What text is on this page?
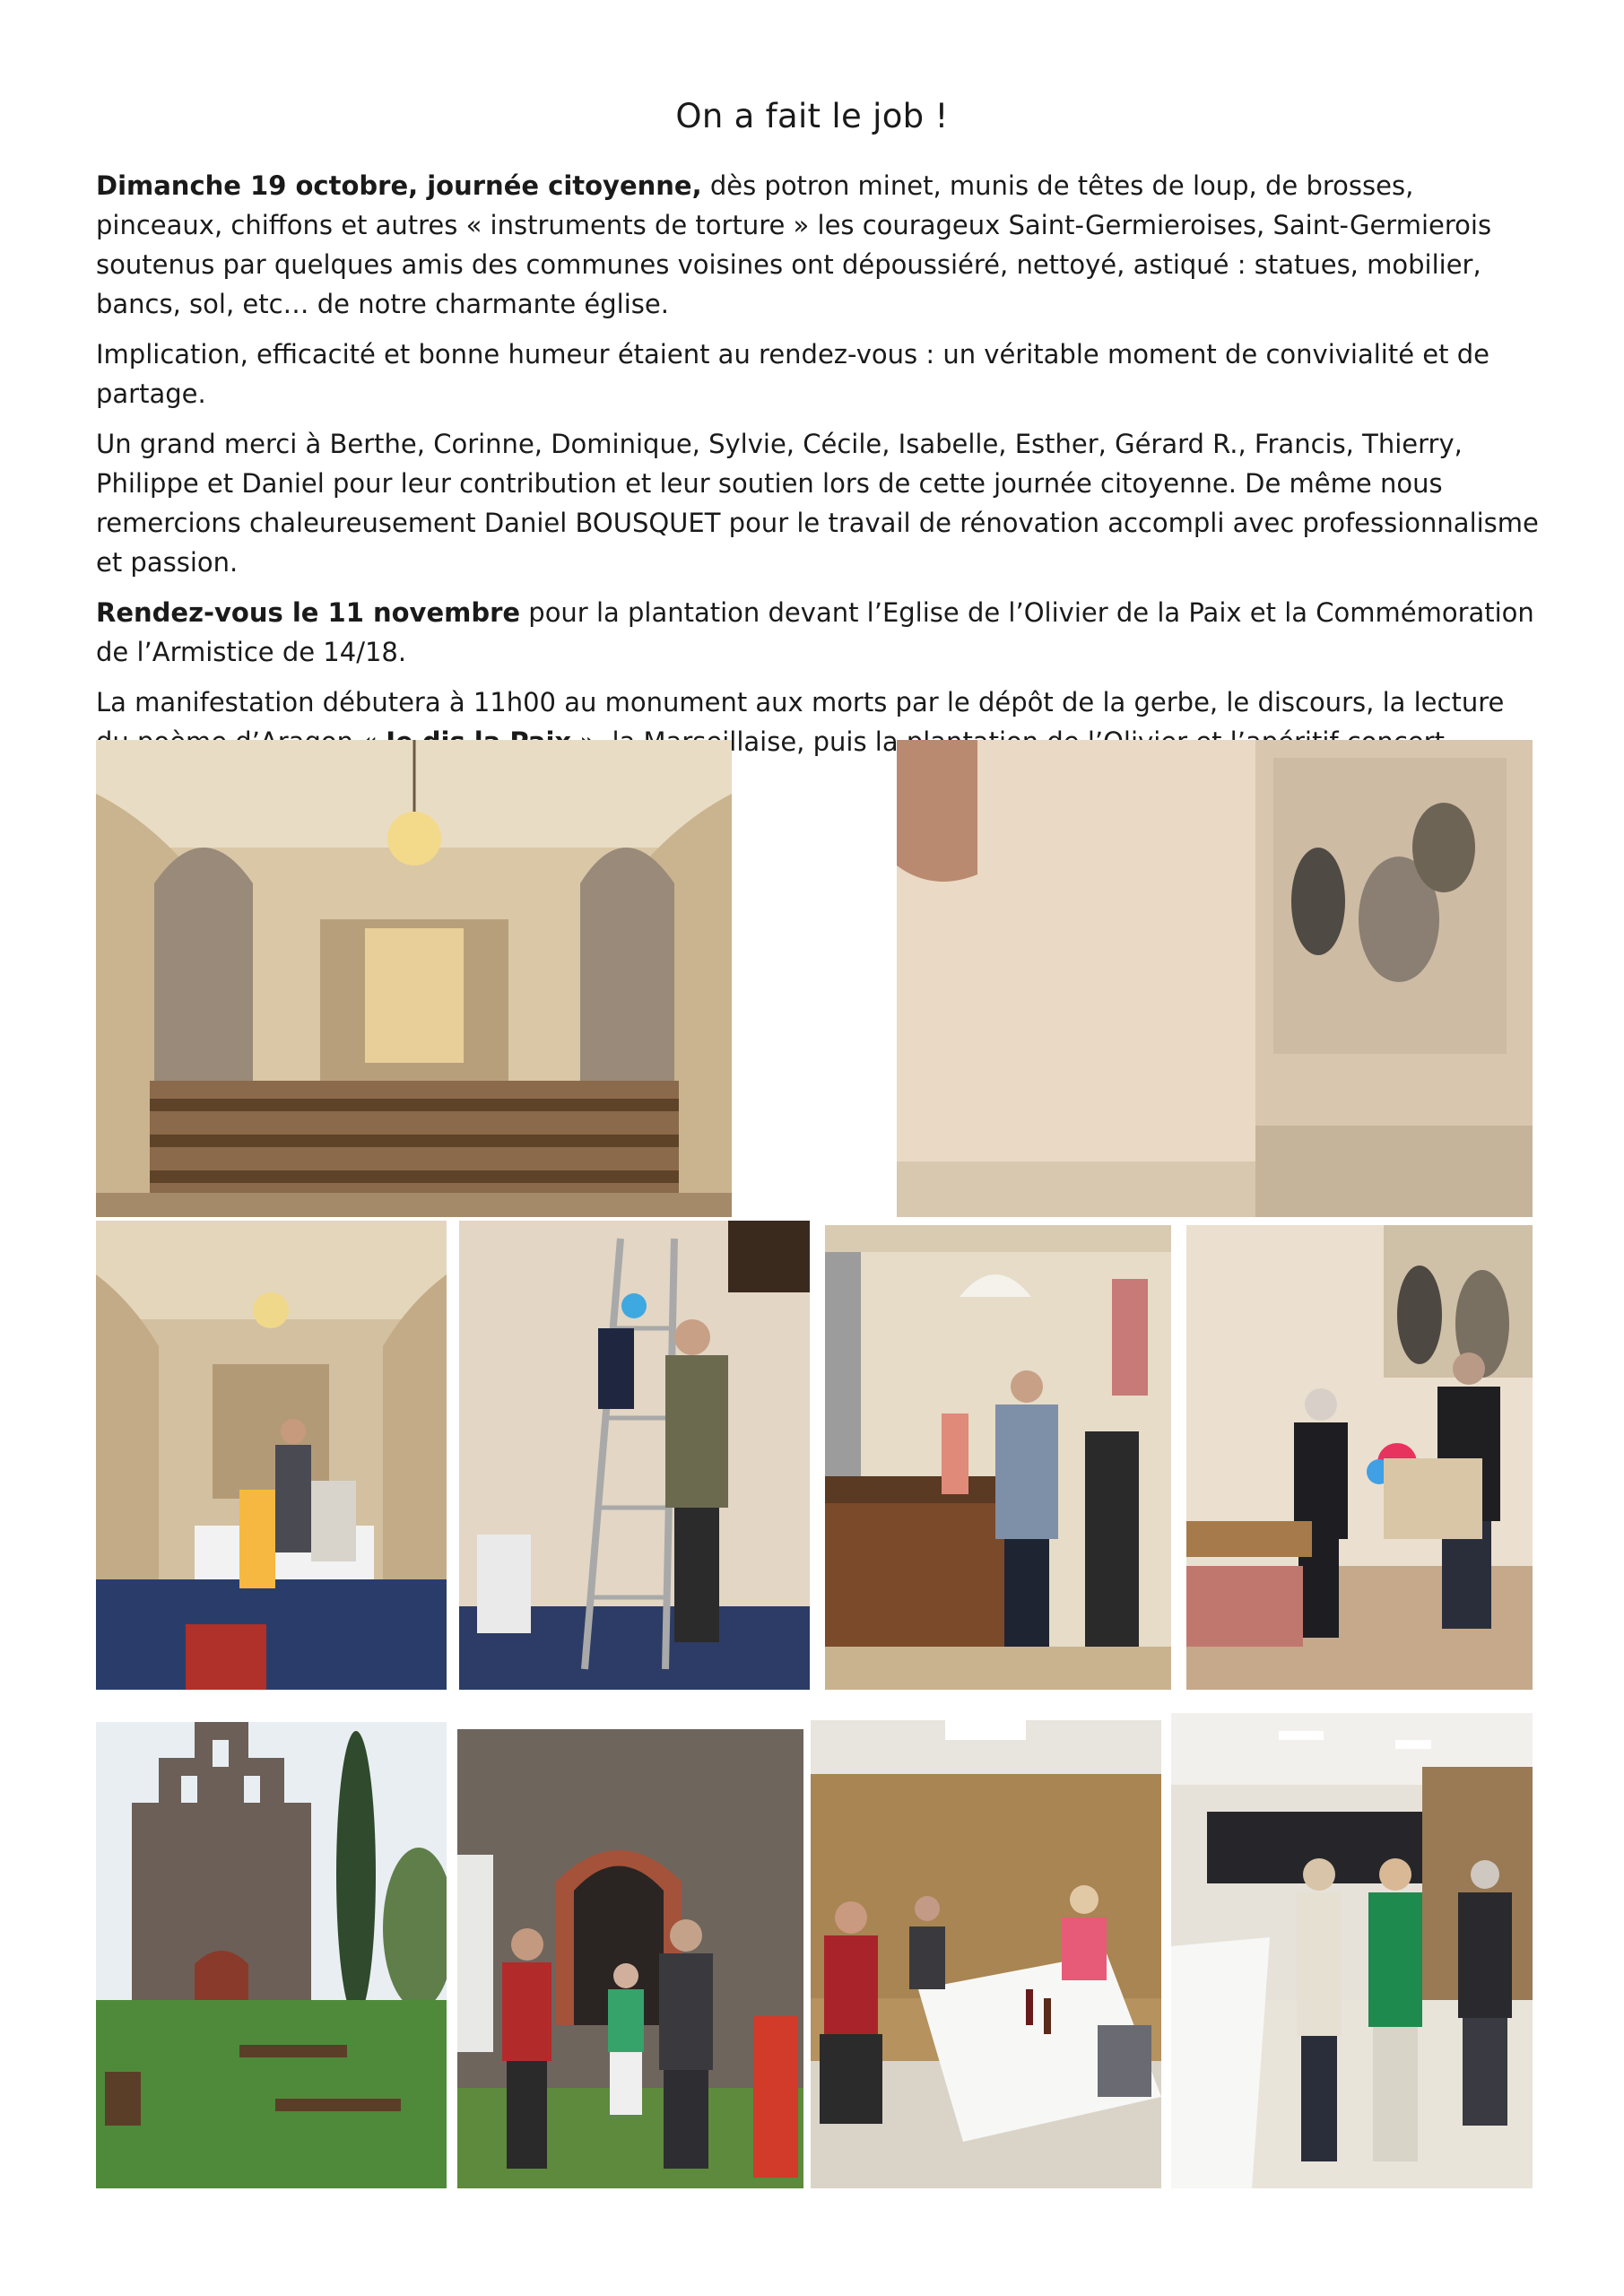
On a fait le job !

Dimanche 19 octobre, journée citoyenne, dès potron minet, munis de têtes de loup, de brosses, pinceaux, chiffons et autres « instruments de torture » les courageux Saint-Germieroises, Saint-Germierois soutenus par quelques amis des communes voisines ont dépoussiéré, nettoyé, astiqué : statues, mobilier, bancs, sol, etc… de notre charmante église.

Implication, efficacité et bonne humeur étaient au rendez-vous : un véritable moment de convivialité et de partage.

Un grand merci à Berthe, Corinne, Dominique, Sylvie, Cécile, Isabelle, Esther, Gérard R., Francis, Thierry, Philippe et Daniel pour leur contribution et leur soutien lors de cette journée citoyenne. De même nous remercions chaleureusement Daniel BOUSQUET pour le travail de rénovation accompli avec professionnalisme et passion.

Rendez-vous le 11 novembre pour la plantation devant l’Eglise de l’Olivier de la Paix et la Commémoration de l’Armistice de 14/18.

La manifestation débutera à 11h00 au monument aux morts par le dépôt de la gerbe, le discours, la lecture puis la
